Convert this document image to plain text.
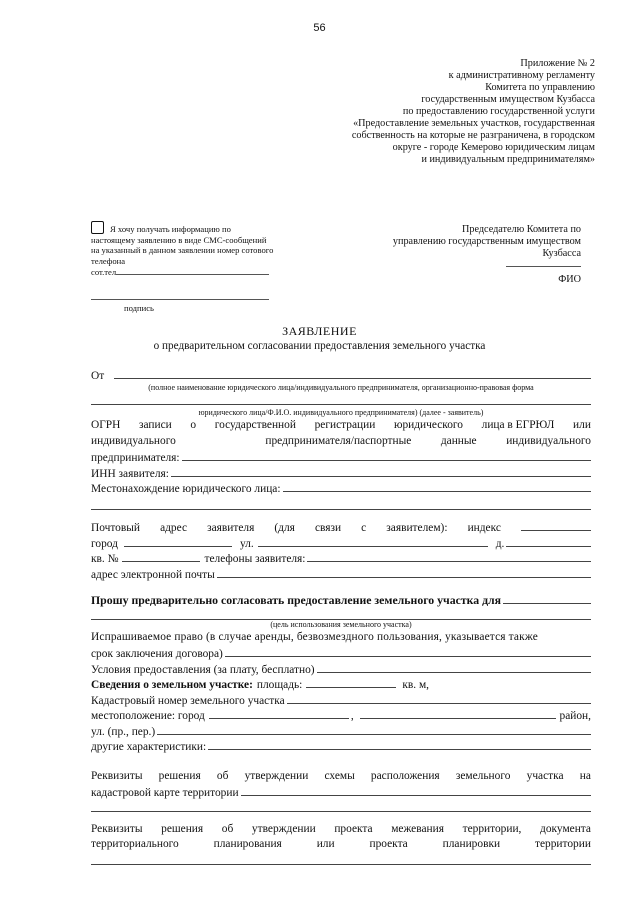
56
Приложение № 2
к административному регламенту
Комитета по управлению
государственным имуществом Кузбасса
по предоставлению государственной услуги
«Предоставление земельных участков, государственная
собственность на которые не разграничена, в городском
округе - городе Кемерово юридическим лицам
и индивидуальным предпринимателям»
Я хочу получать информацию по
настоящему заявлению в виде СМС-сообщений
на указанный в данном заявлении номер сотового
телефона
сот.тел
подпись
Председателю Комитета по
управлению государственным имуществом
Кузбасса
ФИО
ЗАЯВЛЕНИЕ
о предварительном согласовании предоставления земельного участка
От
(полное наименование юридического лица/индивидуального предпринимателя, организационно-правовая форма
юридического лица/Ф.И.О. индивидуального предпринимателя) (далее - заявитель)
ОГРН записи о государственной регистрации юридического лица в ЕГРЮЛ или
индивидуального	предпринимателя/паспортные	данные	индивидуального
предпринимателя:
ИНН заявителя:
Местонахождение юридического лица:
Почтовый адрес заявителя (для связи с заявителем): индекс
город	ул.	д.
кв. №	телефоны заявителя:
адрес электронной почты
Прошу предварительно согласовать предоставление земельного участка для
(цель использования земельного участка)
Испрашиваемое право (в случае аренды, безвозмездного пользования, указывается также
срок заключения договора)
Условия предоставления (за плату, бесплатно)
Сведения о земельном участке: площадь:	кв. м,
Кадастровый номер земельного участка
местоположение: город	,	район,
ул. (пр., пер.)
другие характеристики:
Реквизиты решения об утверждении схемы расположения земельного участка на
кадастровой карте территории
Реквизиты решения об утверждении проекта межевания территории, документа
территориального	планирования	или	проекта	планировки	территории
